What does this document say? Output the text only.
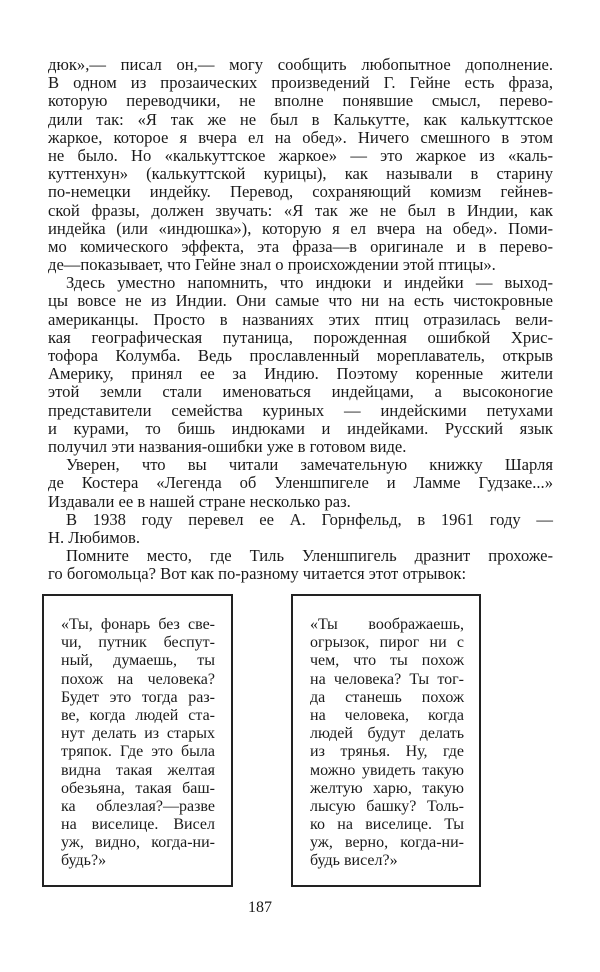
дюк»,— писал он,— могу сообщить любопытное дополнение.
В одном из прозаических произведений Г. Гейне есть фраза,
которую переводчики, не вполне понявшие смысл, перево-
дили так: «Я так же не был в Калькутте, как калькуттское
жаркое, которое я вчера ел на обед». Ничего смешного в этом
не было. Но «калькуттское жаркое» — это жаркое из «каль-
куттенхун» (калькуттской курицы), как называли в старину
по-немецки индейку. Перевод, сохраняющий комизм гейнев-
ской фразы, должен звучать: «Я так же не был в Индии, как
индейка (или «индюшка»), которую я ел вчера на обед». Поми-
мо комического эффекта, эта фраза—в оригинале и в перево-
де—показывает, что Гейне знал о происхождении этой птицы».
Здесь уместно напомнить, что индюки и индейки — выход-
цы вовсе не из Индии. Они самые что ни на есть чистокровные
американцы. Просто в названиях этих птиц отразилась вели-
кая географическая путаница, порожденная ошибкой Хрис-
тофора Колумба. Ведь прославленный мореплаватель, открыв
Америку, принял ее за Индию. Поэтому коренные жители
этой земли стали именоваться индейцами, а высоконогие
представители семейства куриных — индейскими петухами
и курами, то бишь индюками и индейками. Русский язык
получил эти названия-ошибки уже в готовом виде.
Уверен, что вы читали замечательную книжку Шарля
де Костера «Легенда об Уленшпигеле и Ламме Гудзаке...»
Издавали ее в нашей стране несколько раз.
В 1938 году перевел ее А. Горнфельд, в 1961 году —
Н. Любимов.
Помните место, где Тиль Уленшпигель дразнит прохоже-
го богомольца? Вот как по-разному читается этот отрывок:
«Ты, фонарь без све-
чи, путник беспут-
ный, думаешь, ты
похож на человека?
Будет это тогда раз-
ве, когда людей ста-
нут делать из старых
тряпок. Где это была
видна такая желтая
обезьяна, такая баш-
ка облезлая?—разве
на виселице. Висел
уж, видно, когда-ни-
будь?»
«Ты воображаешь,
огрызок, пирог ни с
чем, что ты похож
на человека? Ты тог-
да станешь похож
на человека, когда
людей будут делать
из трянья. Ну, где
можно увидеть такую
желтую харю, такую
лысую башку? Толь-
ко на виселице. Ты
уж, верно, когда-ни-
будь висел?»
187
